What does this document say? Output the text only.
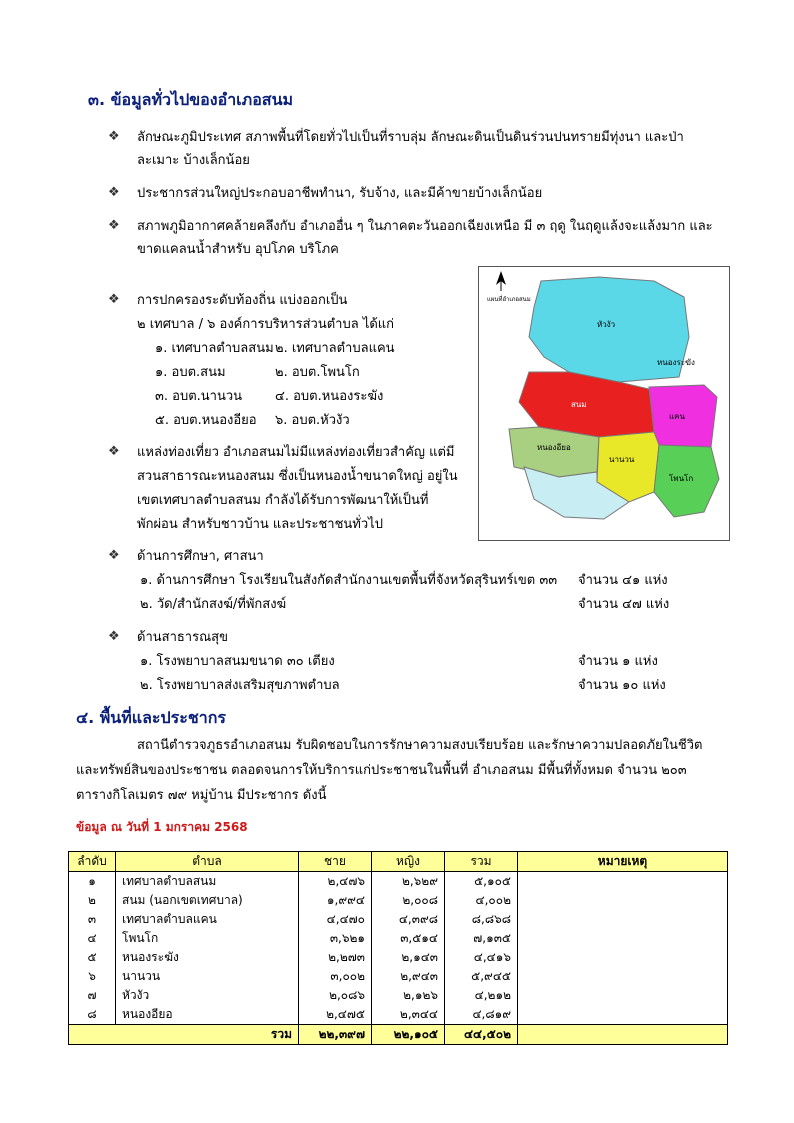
๓. ข้อมูลทั่วไปของอำเภอสนม
❖ ลักษณะภูมิประเทศ สภาพพื้นที่โดยทั่วไปเป็นที่ราบลุ่ม ลักษณะดินเป็นดินร่วนปนทรายมีทุ่งนา และป่า
ละเมาะ บ้างเล็กน้อย
❖ ประชากรส่วนใหญ่ประกอบอาชีพทำนา, รับจ้าง, และมีค้าขายบ้างเล็กน้อย
❖ สภาพภูมิอากาศคล้ายคลึงกับ อำเภออื่น ๆ ในภาคตะวันออกเฉียงเหนือ มี ๓ ฤดู ในฤดูแล้งจะแล้งมาก และ
ขาดแคลนน้ำสำหรับ อุปโภค บริโภค
❖ การปกครองระดับท้องถิ่น แบ่งออกเป็น
๒ เทศบาล / ๖ องค์การบริหารส่วนตำบล ได้แก่
๑. เทศบาลตำบลสนม ๒. เทศบาลตำบลแคน
๑. อบต.สนม	๒. อบต.โพนโก
๓. อบต.นานวน	๔. อบต.หนองระฆัง
๕. อบต.หนองอียอ ๖. อบต.หัวงัว
❖ แหล่งท่องเที่ยว อำเภอสนมไม่มีแหล่งท่องเที่ยวสำคัญ แต่มี
สวนสาธารณะหนองสนม ซึ่งเป็นหนองน้ำขนาดใหญ่ อยู่ใน
เขตเทศบาลตำบลสนม กำลังได้รับการพัฒนาให้เป็นที่
พักผ่อน สำหรับชาวบ้าน และประชาชนทั่วไป
แผนที่อำเภอสนม
หัวงัว
หนองระฆัง
สนม
แคน
นานวน
หนองอียอ
โพนโก
❖ ด้านการศึกษา, ศาสนา
๑. ด้านการศึกษา โรงเรียนในสังกัดสำนักงานเขตพื้นที่จังหวัดสุรินทร์เขต ๓๓ จำนวน ๔๑ แห่ง
๒. วัด/สำนักสงฆ์/ที่พักสงฆ์	จำนวน ๔๗ แห่ง
❖ ด้านสาธารณสุข
๑. โรงพยาบาลสนมขนาด ๓๐ เตียง	จำนวน ๑ แห่ง
๒. โรงพยาบาลส่งเสริมสุขภาพตำบล	จำนวน ๑๐ แห่ง
๔. พื้นที่และประชากร
สถานีตำรวจภูธรอำเภอสนม รับผิดชอบในการรักษาความสงบเรียบร้อย และรักษาความปลอดภัยในชีวิต
และทรัพย์สินของประชาชน ตลอดจนการให้บริการแก่ประชาชนในพื้นที่ อำเภอสนม มีพื้นที่ทั้งหมด จำนวน ๒๐๓
ตารางกิโลเมตร ๗๙ หมู่บ้าน มีประชากร ดังนี้
ข้อมูล ณ วันที่ 1 มกราคม 2568
ลำดับ	ตำบล	ชาย	หญิง	รวม	หมายเหตุ
๑	เทศบาลตำบลสนม	๒,๔๗๖	๒,๖๒๙	๕,๑๐๕	
๒	สนม (นอกเขตเทศบาล)	๑,๙๙๔	๒,๐๐๘	๔,๐๐๒	
๓	เทศบาลตำบลแคน	๔,๔๗๐	๔,๓๙๘	๘,๘๖๘	
๔	โพนโก	๓,๖๒๑	๓,๕๑๔	๗,๑๓๕	
๕	หนองระฆัง	๒,๒๗๓	๒,๑๔๓	๔,๔๑๖	
๖	นานวน	๓,๐๐๒	๒,๙๔๓	๕,๙๔๕	
๗	หัวงัว	๒,๐๘๖	๒,๑๒๖	๔,๒๑๒	
๘	หนองอียอ	๒,๔๗๕	๒,๓๔๔	๔,๘๑๙	
รวม		๒๒,๓๙๗	๒๒,๑๐๕	๔๔,๕๐๒	
